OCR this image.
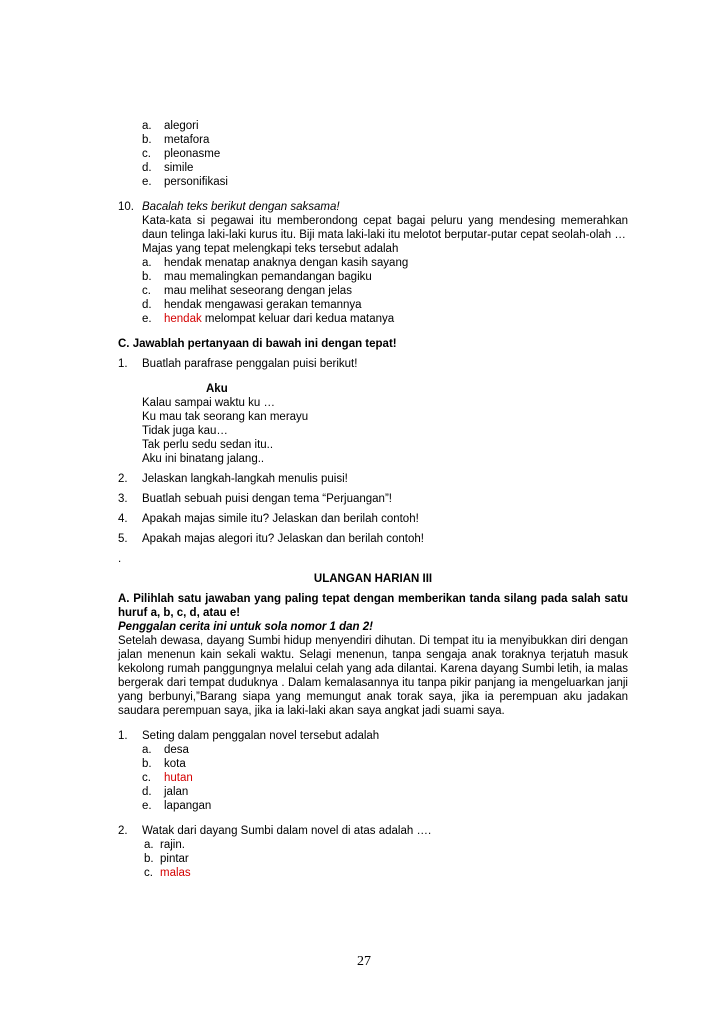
a.	alegori
b.	metafora
c.	pleonasme
d.	simile
e.	personifikasi
10. Bacalah teks berikut dengan saksama!
Kata-kata si pegawai itu memberondong cepat bagai peluru yang mendesing memerahkan daun telinga laki-laki kurus itu. Biji mata laki-laki itu melotot berputar-putar cepat seolah-olah …
Majas yang tepat melengkapi teks tersebut adalah
a.	hendak menatap anaknya dengan kasih sayang
b.	mau memalingkan pemandangan bagiku
c.	mau melihat seseorang dengan jelas
d.	hendak mengawasi gerakan temannya
e.	hendak melompat keluar dari kedua matanya
C. Jawablah pertanyaan di bawah ini dengan tepat!
1.	Buatlah parafrase penggalan puisi berikut!
Aku
Kalau sampai waktu ku …
Ku mau tak seorang kan merayu
Tidak juga kau…
Tak perlu sedu sedan itu..
Aku ini binatang jalang..
2.	Jelaskan langkah-langkah menulis puisi!
3.	Buatlah sebuah puisi dengan tema “Perjuangan”!
4.	Apakah majas simile itu? Jelaskan dan berilah contoh!
5.	Apakah majas alegori itu? Jelaskan dan berilah contoh!
.
ULANGAN HARIAN III
A. Pilihlah satu jawaban yang paling tepat dengan memberikan tanda silang pada salah satu huruf a, b, c, d, atau e!
Penggalan cerita ini untuk sola nomor 1 dan 2!
Setelah dewasa, dayang Sumbi hidup menyendiri dihutan. Di tempat itu ia menyibukkan diri dengan jalan menenun kain sekali waktu. Selagi menenun, tanpa sengaja anak toraknya terjatuh masuk kekolong rumah panggungnya melalui celah yang ada dilantai. Karena dayang Sumbi letih, ia malas bergerak dari tempat duduknya . Dalam kemalasannya itu tanpa pikir panjang ia mengeluarkan janji yang berbunyi,”Barang siapa yang memungut anak torak saya, jika ia perempuan aku jadakan saudara perempuan saya, jika ia laki-laki akan saya angkat jadi suami saya.
1.	Seting dalam penggalan novel tersebut adalah
a.	desa
b.	kota
c.	hutan
d.	jalan
e.	lapangan
2.	Watak dari dayang Sumbi dalam novel di atas adalah ….
a. rajin.
b. pintar
c. malas
27
